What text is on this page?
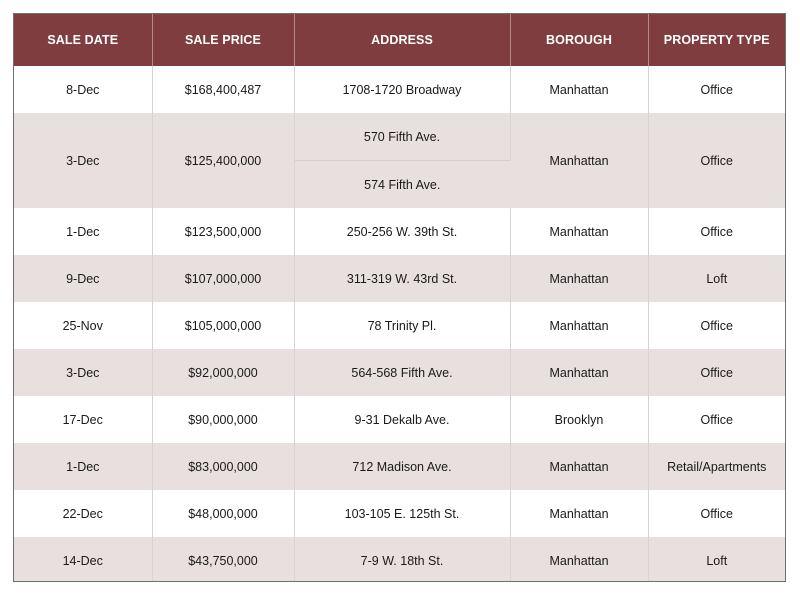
SALE DATE	SALE PRICE	ADDRESS	BOROUGH	PROPERTY TYPE
8-Dec	$168,400,487	1708-1720 Broadway	Manhattan	Office
3-Dec	$125,400,000	570 Fifth Ave.	Manhattan	Office
		574 Fifth Ave.		
1-Dec	$123,500,000	250-256 W. 39th St.	Manhattan	Office
9-Dec	$107,000,000	311-319 W. 43rd St.	Manhattan	Loft
25-Nov	$105,000,000	78 Trinity Pl.	Manhattan	Office
3-Dec	$92,000,000	564-568 Fifth Ave.	Manhattan	Office
17-Dec	$90,000,000	9-31 Dekalb Ave.	Brooklyn	Office
1-Dec	$83,000,000	712 Madison Ave.	Manhattan	Retail/Apartments
22-Dec	$48,000,000	103-105 E. 125th St.	Manhattan	Office
14-Dec	$43,750,000	7-9 W. 18th St.	Manhattan	Loft
